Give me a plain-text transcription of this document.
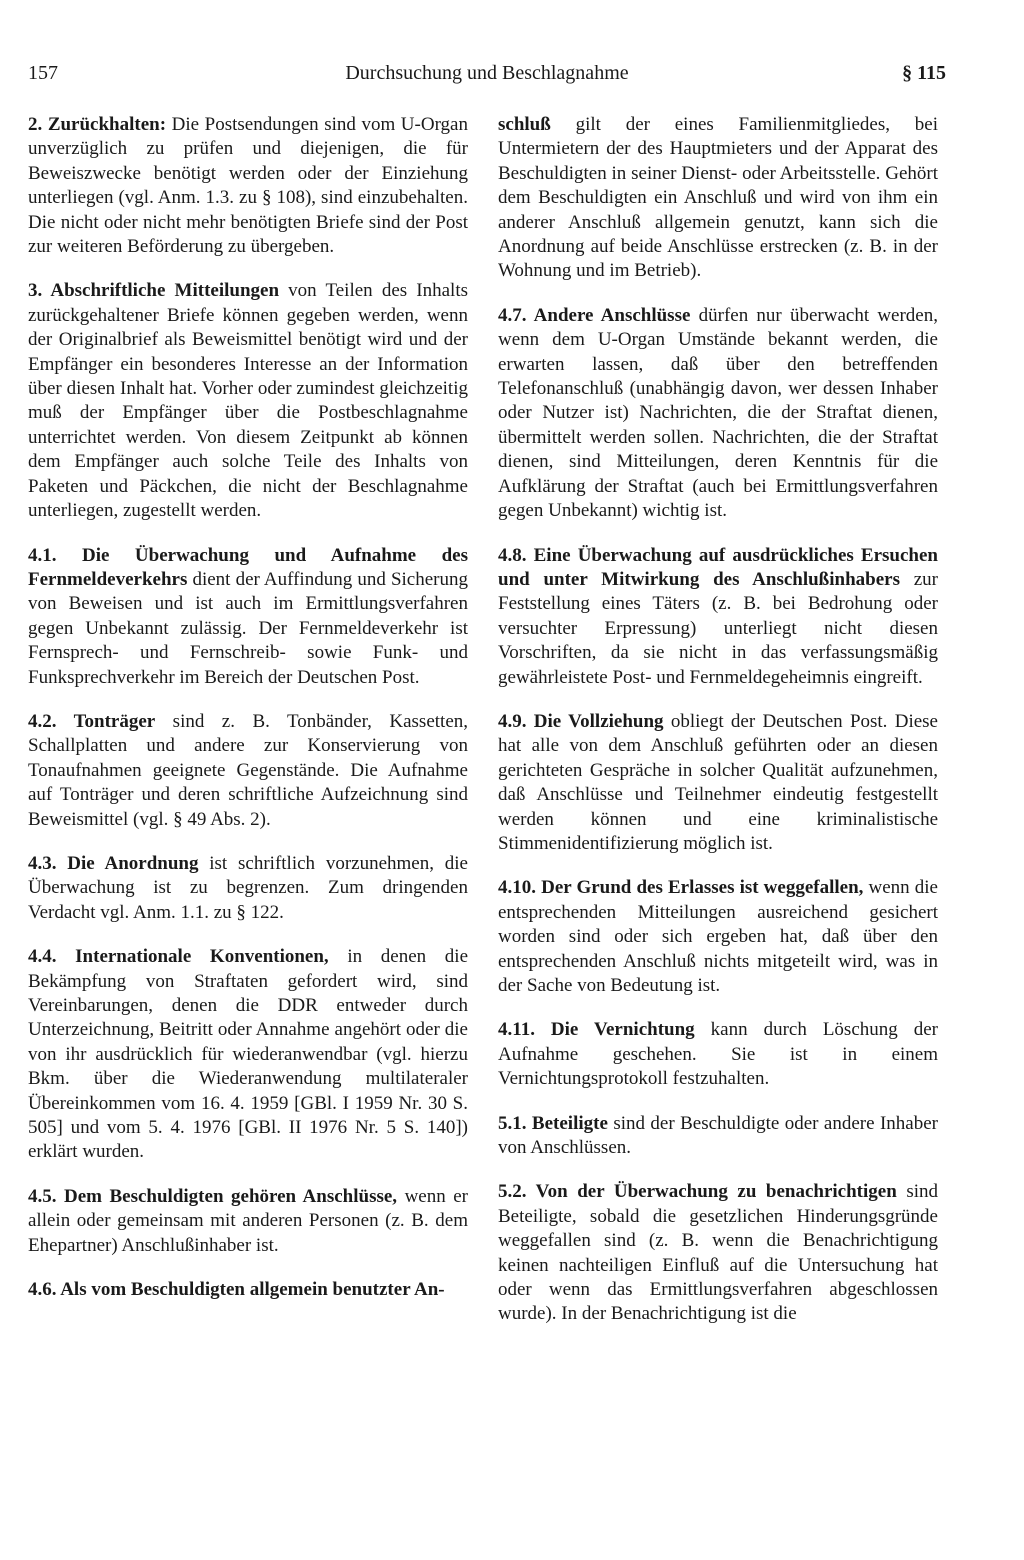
157	Durchsuchung und Beschlagnahme	§ 115

2. Zurückhalten: Die Postsendungen sind vom U-Organ unverzüglich zu prüfen und diejenigen, die für Beweiszwecke benötigt werden oder der Einziehung unterliegen (vgl. Anm. 1.3. zu § 108), sind einzubehalten. Die nicht oder nicht mehr benötigten Briefe sind der Post zur weiteren Beförderung zu übergeben.

3. Abschriftliche Mitteilungen von Teilen des Inhalts zurückgehaltener Briefe können gegeben werden, wenn der Originalbrief als Beweismittel benötigt wird und der Empfänger ein besonderes Interesse an der Information über diesen Inhalt hat. Vorher oder zumindest gleichzeitig muß der Empfänger über die Postbeschlagnahme unterrichtet werden. Von diesem Zeitpunkt ab können dem Empfänger auch solche Teile des Inhalts von Paketen und Päckchen, die nicht der Beschlagnahme unterliegen, zugestellt werden.

4.1. Die Überwachung und Aufnahme des Fernmeldeverkehrs dient der Auffindung und Sicherung von Beweisen und ist auch im Ermittlungsverfahren gegen Unbekannt zulässig. Der Fernmeldeverkehr ist Fernsprech- und Fernschreib- sowie Funk- und Funksprechverkehr im Bereich der Deutschen Post.

4.2. Tonträger sind z. B. Tonbänder, Kassetten, Schallplatten und andere zur Konservierung von Tonaufnahmen geeignete Gegenstände. Die Aufnahme auf Tonträger und deren schriftliche Aufzeichnung sind Beweismittel (vgl. § 49 Abs. 2).

4.3. Die Anordnung ist schriftlich vorzunehmen, die Überwachung ist zu begrenzen. Zum dringenden Verdacht vgl. Anm. 1.1. zu § 122.

4.4. Internationale Konventionen, in denen die Bekämpfung von Straftaten gefordert wird, sind Vereinbarungen, denen die DDR entweder durch Unterzeichnung, Beitritt oder Annahme angehört oder die von ihr ausdrücklich für wiederanwendbar (vgl. hierzu Bkm. über die Wiederanwendung multilateraler Übereinkommen vom 16. 4. 1959 [GBl. I 1959 Nr. 30 S. 505] und vom 5. 4. 1976 [GBl. II 1976 Nr. 5 S. 140]) erklärt wurden.

4.5. Dem Beschuldigten gehören Anschlüsse, wenn er allein oder gemeinsam mit anderen Personen (z. B. dem Ehepartner) Anschlußinhaber ist.

4.6. Als vom Beschuldigten allgemein benutzter An-

schluß gilt der eines Familienmitgliedes, bei Untermietern der des Hauptmieters und der Apparat des Beschuldigten in seiner Dienst- oder Arbeitsstelle. Gehört dem Beschuldigten ein Anschluß und wird von ihm ein anderer Anschluß allgemein genutzt, kann sich die Anordnung auf beide Anschlüsse erstrecken (z. B. in der Wohnung und im Betrieb).

4.7. Andere Anschlüsse dürfen nur überwacht werden, wenn dem U-Organ Umstände bekannt werden, die erwarten lassen, daß über den betreffenden Telefonanschluß (unabhängig davon, wer dessen Inhaber oder Nutzer ist) Nachrichten, die der Straftat dienen, übermittelt werden sollen. Nachrichten, die der Straftat dienen, sind Mitteilungen, deren Kenntnis für die Aufklärung der Straftat (auch bei Ermittlungsverfahren gegen Unbekannt) wichtig ist.

4.8. Eine Überwachung auf ausdrückliches Ersuchen und unter Mitwirkung des Anschlußinhabers zur Feststellung eines Täters (z. B. bei Bedrohung oder versuchter Erpressung) unterliegt nicht diesen Vorschriften, da sie nicht in das verfassungsmäßig gewährleistete Post- und Fernmeldegeheimnis eingreift.

4.9. Die Vollziehung obliegt der Deutschen Post. Diese hat alle von dem Anschluß geführten oder an diesen gerichteten Gespräche in solcher Qualität aufzunehmen, daß Anschlüsse und Teilnehmer eindeutig festgestellt werden können und eine kriminalistische Stimmenidentifizierung möglich ist.

4.10. Der Grund des Erlasses ist weggefallen, wenn die entsprechenden Mitteilungen ausreichend gesichert worden sind oder sich ergeben hat, daß über den entsprechenden Anschluß nichts mitgeteilt wird, was in der Sache von Bedeutung ist.

4.11. Die Vernichtung kann durch Löschung der Aufnahme geschehen. Sie ist in einem Vernichtungsprotokoll festzuhalten.

5.1. Beteiligte sind der Beschuldigte oder andere Inhaber von Anschlüssen.

5.2. Von der Überwachung zu benachrichtigen sind Beteiligte, sobald die gesetzlichen Hinderungsgründe weggefallen sind (z. B. wenn die Benachrichtigung keinen nachteiligen Einfluß auf die Untersuchung hat oder wenn das Ermittlungsverfahren abgeschlossen wurde). In der Benachrichtigung ist die
